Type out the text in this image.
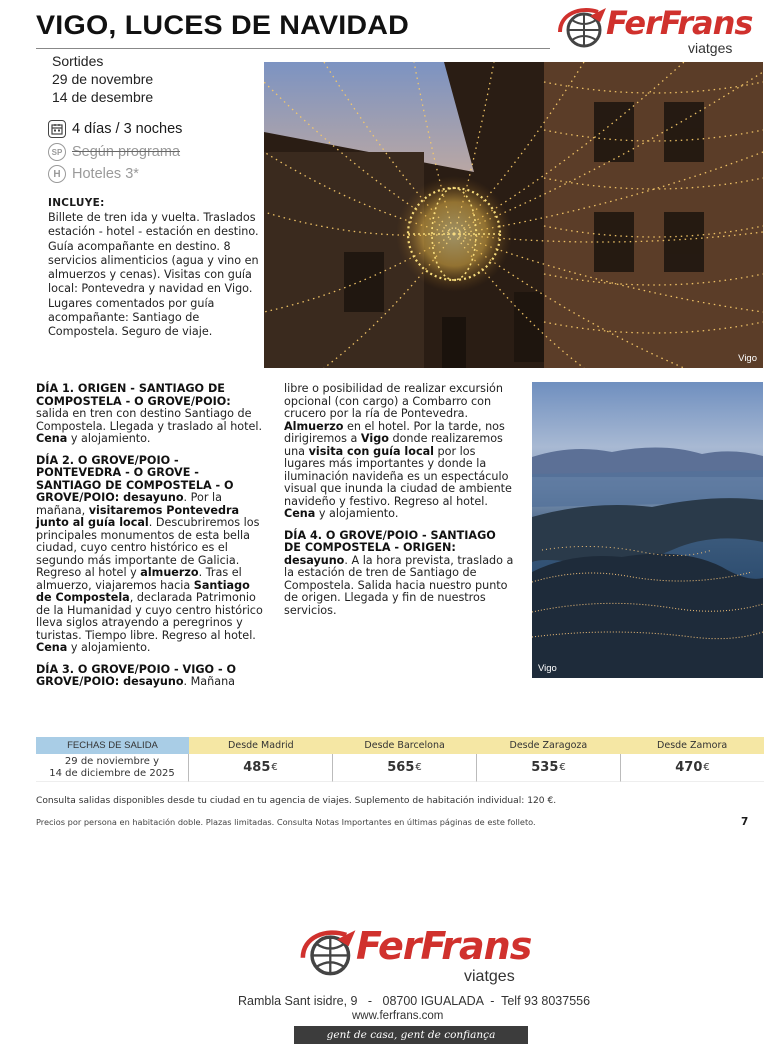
VIGO, LUCES DE NAVIDAD	FerFrans
viatges
Sortides
29 de novembre
14 de desembre
4 días / 3 noches
SP Según programa
H Hoteles 3*
INCLUYE:
Billete de tren ida y vuelta. Traslados estación - hotel - estación en destino. Guía acompañante en destino. 8 servicios alimenticios (agua y vino en almuerzos y cenas). Visitas con guía local: Pontevedra y navidad en Vigo. Lugares comentados por guía acompañante: Santiago de Compostela. Seguro de viaje.
Vigo

DÍA 1. ORIGEN - SANTIAGO DE COMPOSTELA - O GROVE/POIO: salida en tren con destino Santiago de Compostela. Llegada y traslado al hotel. Cena y alojamiento.

DÍA 2. O GROVE/POIO - PONTEVEDRA - O GROVE - SANTIAGO DE COMPOSTELA - O GROVE/POIO: desayuno. Por la mañana, visitaremos Pontevedra junto al guía local. Descubriremos los principales monumentos de esta bella ciudad, cuyo centro histórico es el segundo más importante de Galicia. Regreso al hotel y almuerzo. Tras el almuerzo, viajaremos hacia Santiago de Compostela, declarada Patrimonio de la Humanidad y cuyo centro histórico lleva siglos atrayendo a peregrinos y turistas. Tiempo libre. Regreso al hotel. Cena y alojamiento.

DÍA 3. O GROVE/POIO - VIGO - O GROVE/POIO: desayuno. Mañana

libre o posibilidad de realizar excursión opcional (con cargo) a Combarro con crucero por la ría de Pontevedra. Almuerzo en el hotel. Por la tarde, nos dirigiremos a Vigo donde realizaremos una visita con guía local por los lugares más importantes y donde la iluminación navideña es un espectáculo visual que inunda la ciudad de ambiente navideño y festivo. Regreso al hotel. Cena y alojamiento.

DÍA 4. O GROVE/POIO - SANTIAGO DE COMPOSTELA - ORIGEN: desayuno. A la hora prevista, traslado a la estación de tren de Santiago de Compostela. Salida hacia nuestro punto de origen. Llegada y fin de nuestros servicios.

Vigo
FECHAS DE SALIDA	Desde Madrid	Desde Barcelona	Desde Zaragoza	Desde Zamora
29 de noviembre y
14 de diciembre de 2025	485 €	565 €	535 €	470 €
Consulta salidas disponibles desde tu ciudad en tu agencia de viajes. Suplemento de habitación individual: 120 €.
Precios por persona en habitación doble. Plazas limitadas. Consulta Notas Importantes en últimas páginas de este folleto.	7
FerFrans
viatges
Rambla Sant isidre, 9   -   08700 IGUALADA  -  Telf 93 8037556
www.ferfrans.com
gent de casa, gent de confiança
